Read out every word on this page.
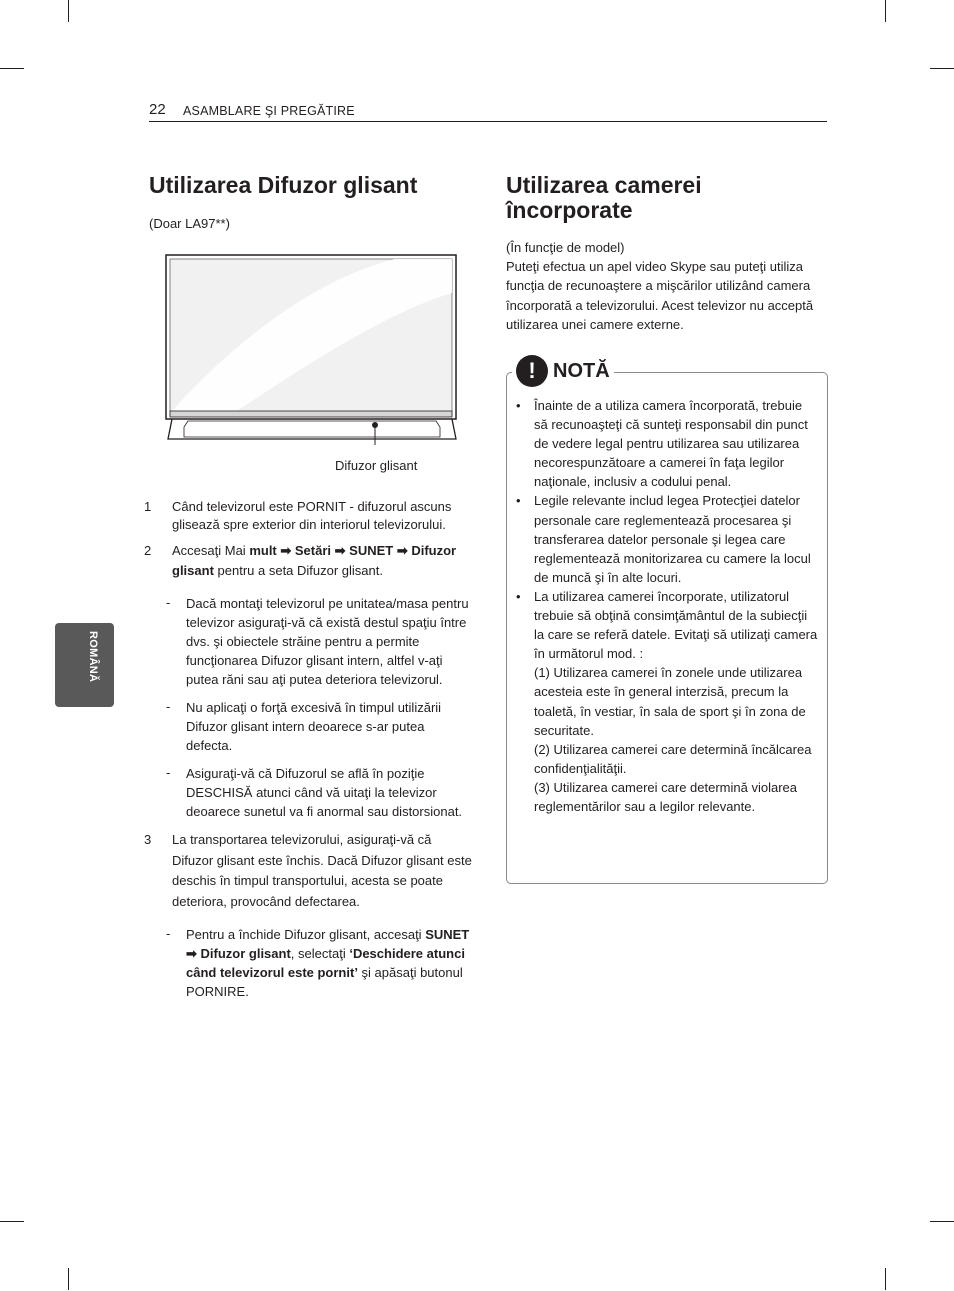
22 ASAMBLARE ŞI PREGĂTIRE
ROMÂNĂ
Utilizarea Difuzor glisant
(Doar LA97**)
Difuzor glisant
1	Când televizorul este PORNIT - difuzorul ascuns glisează spre exterior din interiorul televizorului.
2	Accesaţi Mai mult ➡ Setări ➡ SUNET ➡ Difuzor glisant pentru a seta Difuzor glisant.
-	Dacă montaţi televizorul pe unitatea/masa pentru televizor asiguraţi-vă că există destul spaţiu între dvs. şi obiectele străine pentru a permite funcţionarea Difuzor glisant intern, altfel v-aţi putea răni sau aţi putea deteriora televizorul.
-	Nu aplicaţi o forţă excesivă în timpul utilizării Difuzor glisant intern deoarece s-ar putea defecta.
-	Asiguraţi-vă că Difuzorul se află în poziţie DESCHISĂ atunci când vă uitaţi la televizor deoarece sunetul va fi anormal sau distorsionat.
3	La transportarea televizorului, asiguraţi-vă că Difuzor glisant este închis. Dacă Difuzor glisant este deschis în timpul transportului, acesta se poate deteriora, provocând defectarea.
-	Pentru a închide Difuzor glisant, accesaţi SUNET ➡ Difuzor glisant, selectaţi ‘Deschidere atunci când televizorul este pornit’ şi apăsaţi butonul PORNIRE.
Utilizarea camerei încorporate
(În funcţie de model)
Puteţi efectua un apel video Skype sau puteţi utiliza funcţia de recunoaştere a mişcărilor utilizând camera încorporată a televizorului. Acest televizor nu acceptă utilizarea unei camere externe.
! NOTĂ
•	Înainte de a utiliza camera încorporată, trebuie să recunoaşteţi că sunteţi responsabil din punct de vedere legal pentru utilizarea sau utilizarea necorespunzătoare a camerei în faţa legilor naţionale, inclusiv a codului penal.
•	Legile relevante includ legea Protecţiei datelor personale care reglementează procesarea şi transferarea datelor personale şi legea care reglementează monitorizarea cu camere la locul de muncă şi în alte locuri.
•	La utilizarea camerei încorporate, utilizatorul trebuie să obţină consimţământul de la subiecţii la care se referă datele. Evitaţi să utilizaţi camera în următorul mod. :
(1) Utilizarea camerei în zonele unde utilizarea acesteia este în general interzisă, precum la toaletă, în vestiar, în sala de sport şi în zona de securitate.
(2) Utilizarea camerei care determină încălcarea confidenţialităţii.
(3) Utilizarea camerei care determină violarea reglementărilor sau a legilor relevante.
